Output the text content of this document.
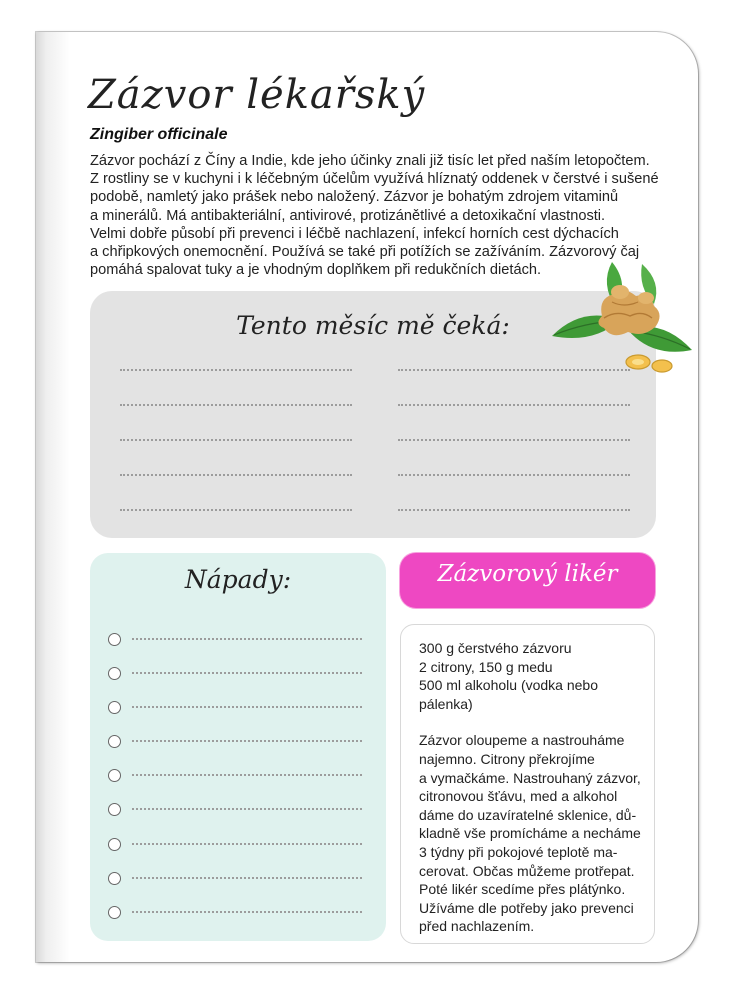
Zázvor lékařský

Zingiber officinale

Zázvor pochází z Číny a Indie, kde jeho účinky znali již tisíc let před naším letopočtem.
Z rostliny se v kuchyni i k léčebným účelům využívá hlíznatý oddenek v čerstvé i sušené
podobě, namletý jako prášek nebo naložený. Zázvor je bohatým zdrojem vitaminů
a minerálů. Má antibakteriální, antivirové, protizánětlivé a detoxikační vlastnosti.
Velmi dobře působí při prevenci i léčbě nachlazení, infekcí horních cest dýchacích
a chřipkových onemocnění. Používá se také při potížích se zažíváním. Zázvorový čaj
pomáhá spalovat tuky a je vhodným doplňkem při redukčních dietách.
Tento měsíc mě čeká:
Nápady:	Zázvorový likér
300 g čerstvého zázvoru
2 citrony, 150 g medu
500 ml alkoholu (vodka nebo
pálenka)
Zázvor oloupeme a nastrouháme
najemno. Citrony překrojíme
a vymačkáme. Nastrouhaný zázvor,
citronovou šťávu, med a alkohol
dáme do uzavíratelné sklenice, dů-
kladně vše promícháme a necháme
3 týdny při pokojové teplotě ma-
cerovat. Občas můžeme protřepat.
Poté likér scedíme přes plátýnko.
Užíváme dle potřeby jako prevenci
před nachlazením.
